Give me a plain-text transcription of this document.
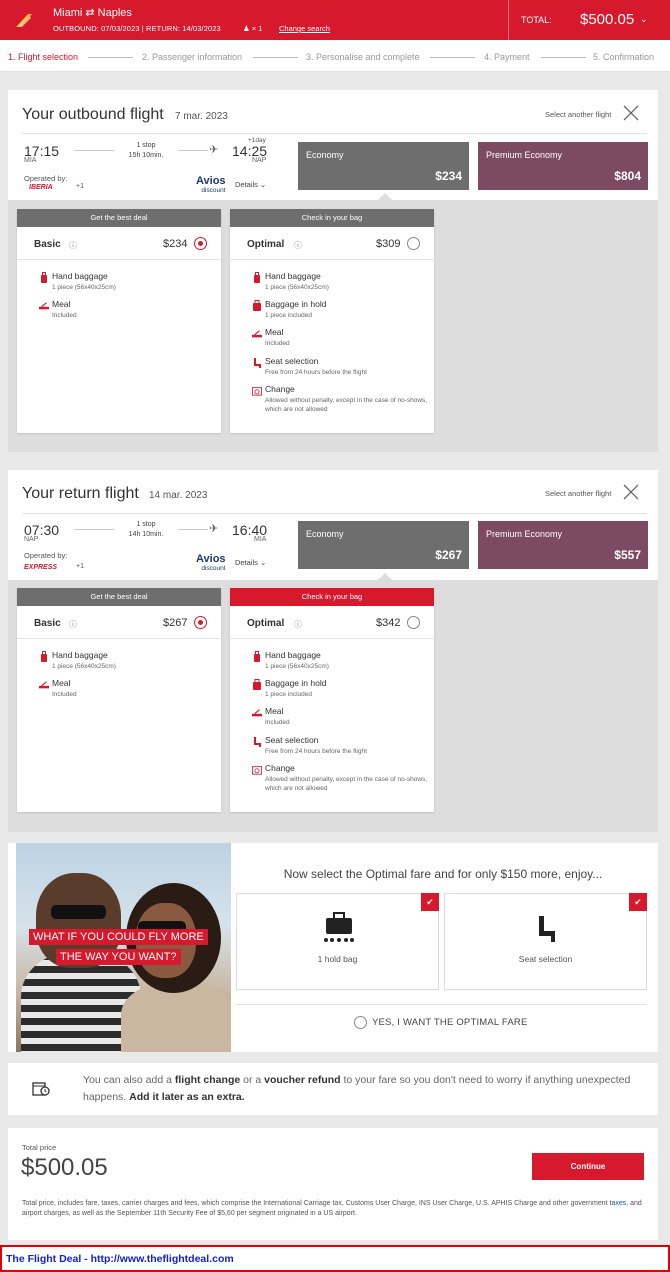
Miami ⇄ Naples
OUTBOUND: 07/03/2023 | RETURN: 14/03/2023	♟ × 1 Change search
TOTAL: $500.05 ⌄
1. Flight selection	2. Passenger information	3. Personalise and complete	4. Payment	5. Confirmation
Your outbound flight 7 mar. 2023	Select another flight
17:15
MIA
1 stop
15h 10min.	✈
+1day
14:25
NAP
Operated by:
IBERIA	+1	Avios
discount
Details ⌄
Economy
$234
Premium Economy
$804
Get the best deal
Basic ⓘ	$234
Hand baggage
1 piece (56x40x25cm)
Meal
Included
Check in your bag
Optimal ⓘ	$309
Hand baggage
1 piece (56x40x25cm)
Baggage in hold
1 piece included
Meal
Included
Seat selection
Free from 24 hours before the flight
Change
Allowed without penalty, except in the case of no-shows, which are not allowed
Your return flight 14 mar. 2023	Select another flight
07:30
NAP
1 stop
14h 10min.	✈ 16:40
MIA
Operated by:
EXPRESS	+1
Avios
discount
Details ⌄
Economy
$267
Premium Economy
$557
Get the best deal
Basic ⓘ	$267
Hand baggage
1 piece (56x40x25cm)
Meal
Included
Check in your bag
Optimal ⓘ	$342
Hand baggage
1 piece (56x40x25cm)
Baggage in hold
1 piece included
Meal
Included
Seat selection
Free from 24 hours before the flight
Change
Allowed without penalty, except in the case of no-shows, which are not allowed
WHAT IF YOU COULD FLY MORE
THE WAY YOU WANT?
Now select the Optimal fare and for only $150 more, enjoy...
1 hold bag
✔
Seat selection
✔
YES, I WANT THE OPTIMAL FARE
You can also add a flight change or a voucher refund to your fare so you don't need to worry if anything unexpected happens. Add it later as an extra.
Total price
$500.05	Continue
Total price, includes fare, taxes, carrier charges and fees, which comprise the International Carriage tax, Customs User Charge, INS User Charge, U.S. APHIS Charge and other government taxes, and airport charges, as well as the September 11th Security Fee of $5,60 per segment originated in a US airport.
The Flight Deal - http://www.theflightdeal.com
